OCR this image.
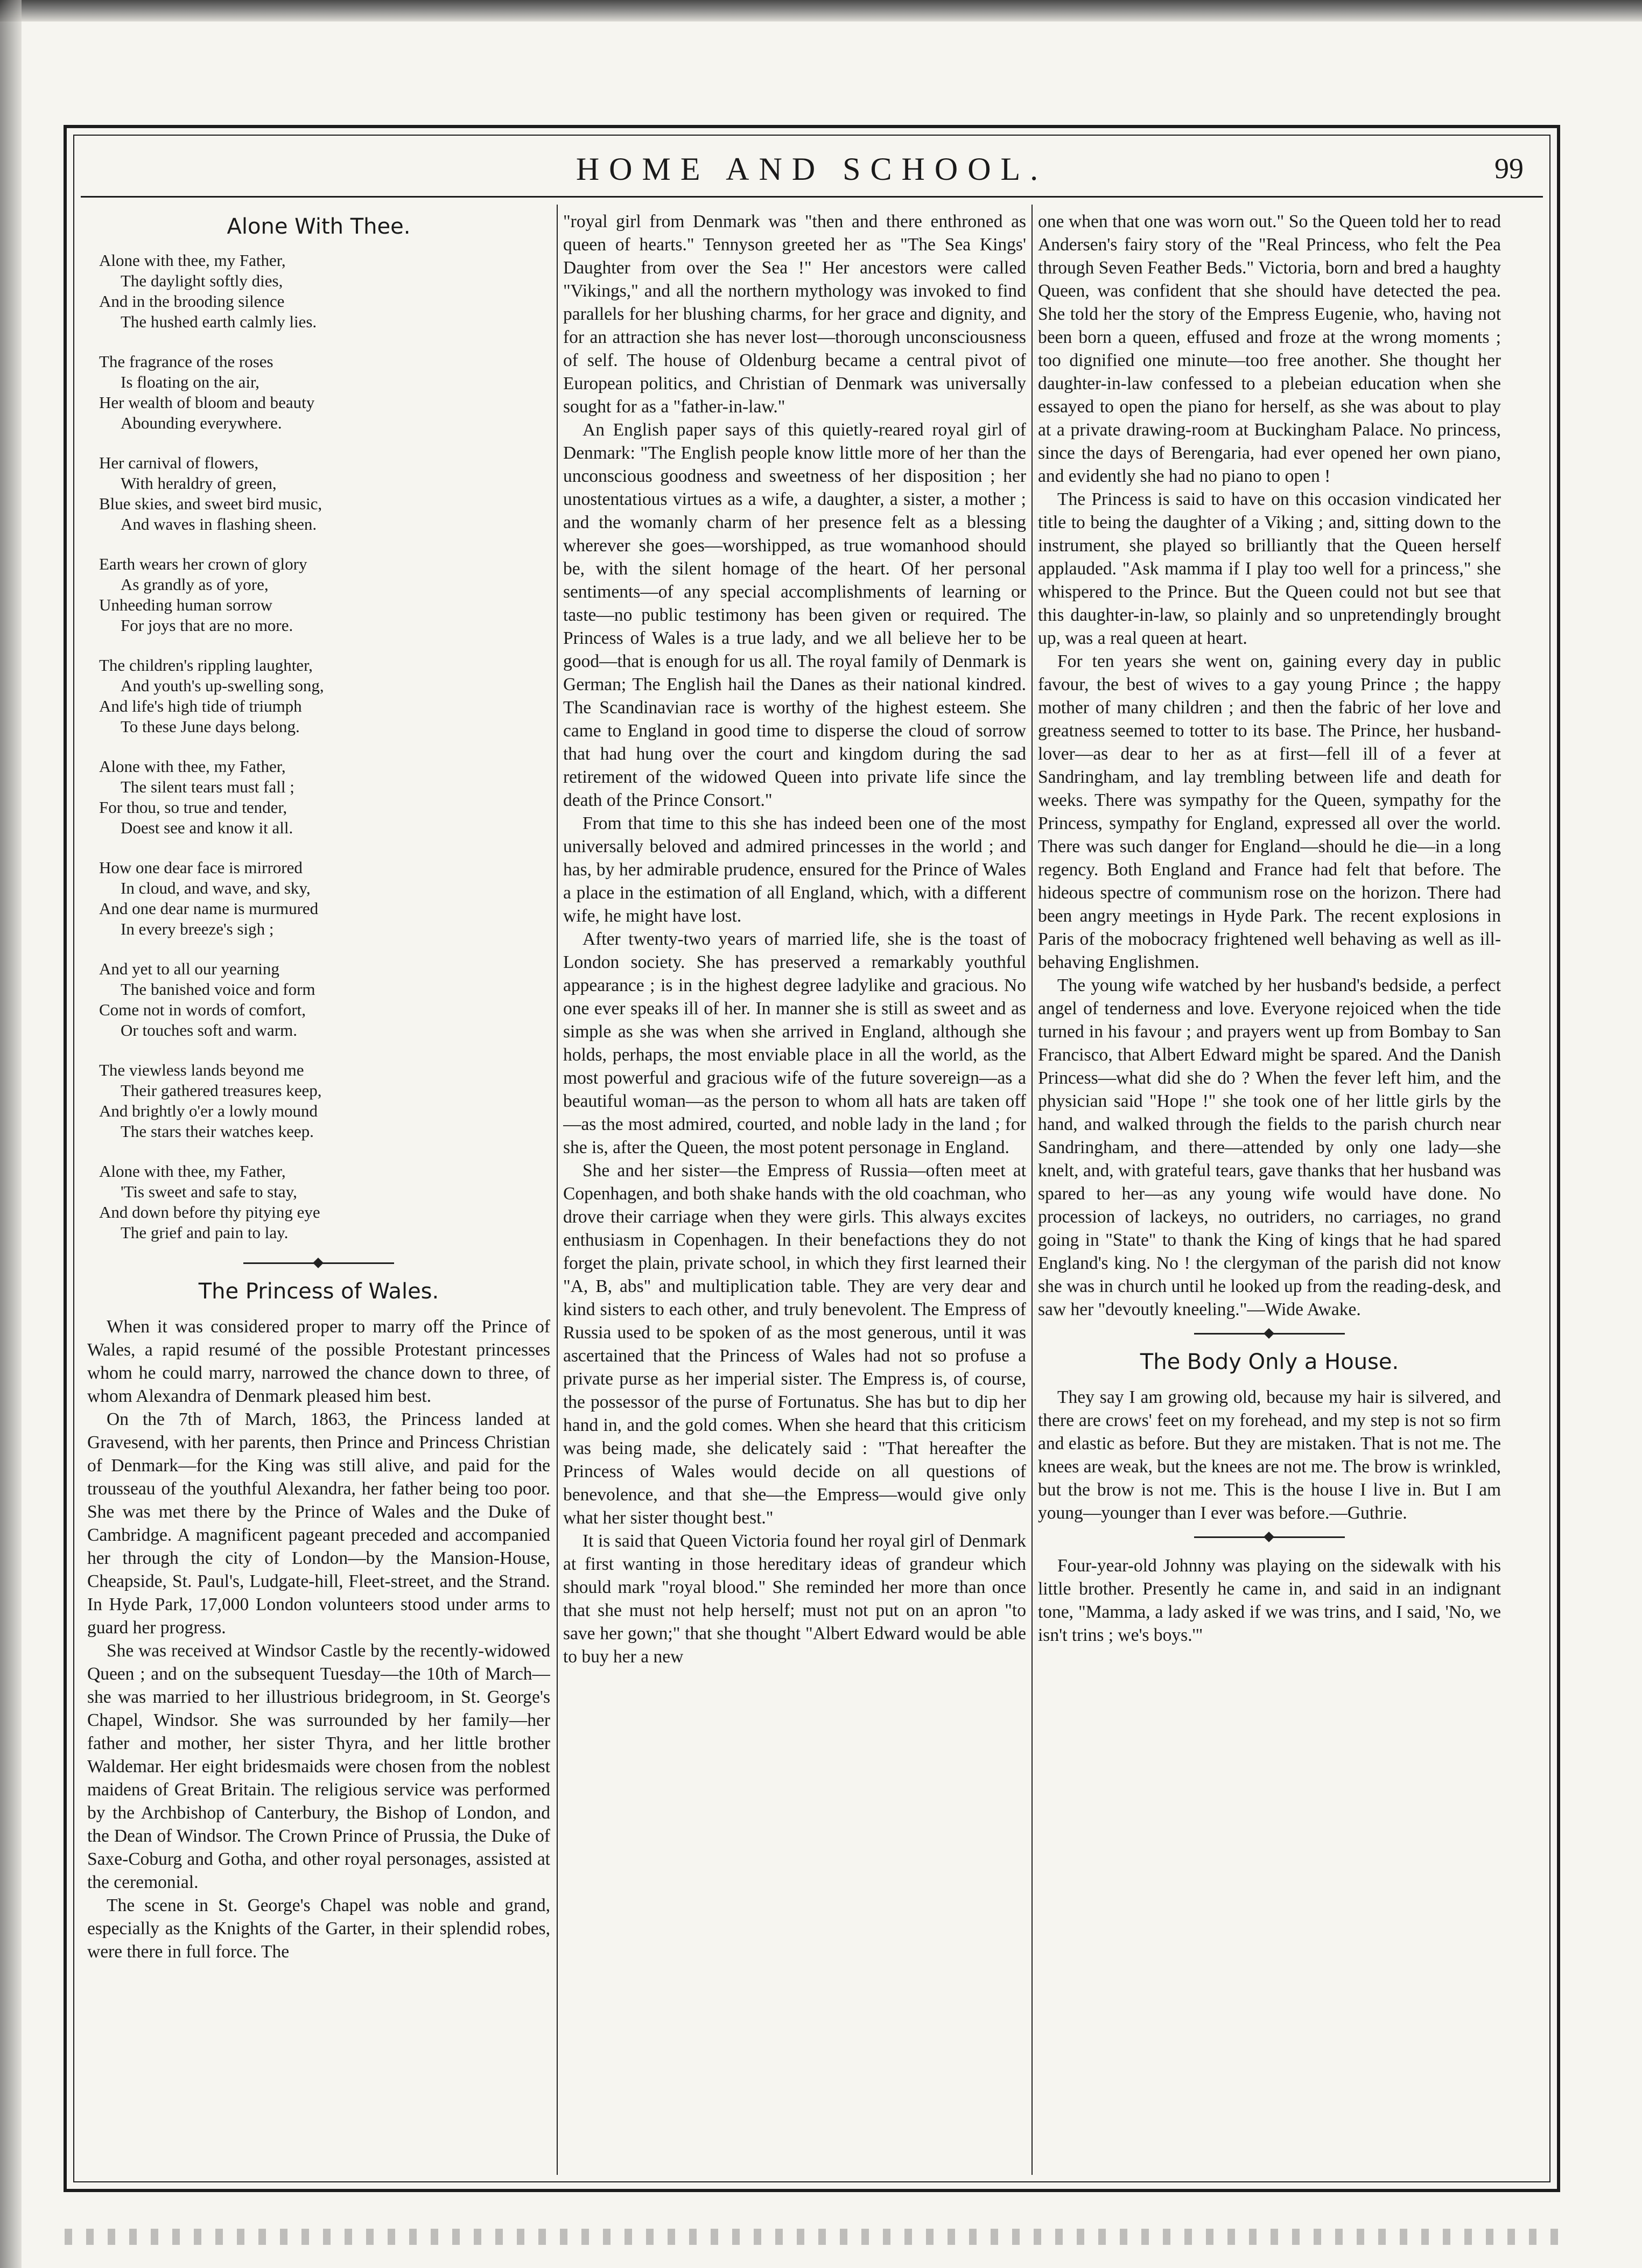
HOME AND SCHOOL.	99
Alone With Thee.
Alone with thee, my Father,
The daylight softly dies,
And in the brooding silence
The hushed earth calmly lies.
The fragrance of the roses
Is floating on the air,
Her wealth of bloom and beauty
Abounding everywhere.
Her carnival of flowers,
With heraldry of green,
Blue skies, and sweet bird music,
And waves in flashing sheen.
Earth wears her crown of glory
As grandly as of yore,
Unheeding human sorrow
For joys that are no more.
The children's rippling laughter,
And youth's up-swelling song,
And life's high tide of triumph
To these June days belong.
Alone with thee, my Father,
The silent tears must fall ;
For thou, so true and tender,
Doest see and know it all.
How one dear face is mirrored
In cloud, and wave, and sky,
And one dear name is murmured
In every breeze's sigh ;
And yet to all our yearning
The banished voice and form
Come not in words of comfort,
Or touches soft and warm.
The viewless lands beyond me
Their gathered treasures keep,
And brightly o'er a lowly mound
The stars their watches keep.
Alone with thee, my Father,
'Tis sweet and safe to stay,
And down before thy pitying eye
The grief and pain to lay.
The Princess of Wales.

When it was considered proper to marry off the Prince of Wales, a rapid resumé of the possible Protestant princesses whom he could marry, narrowed the chance down to three, of whom Alexandra of Denmark pleased him best.

On the 7th of March, 1863, the Princess landed at Gravesend, with her parents, then Prince and Princess Christian of Denmark—for the King was still alive, and paid for the trousseau of the youthful Alexandra, her father being too poor. She was met there by the Prince of Wales and the Duke of Cambridge. A magnificent pageant preceded and accompanied her through the city of London—by the Mansion-House, Cheapside, St. Paul's, Ludgate-hill, Fleet-street, and the Strand. In Hyde Park, 17,000 London volunteers stood under arms to guard her progress.

She was received at Windsor Castle by the recently-widowed Queen ; and on the subsequent Tuesday—the 10th of March—she was married to her illustrious bridegroom, in St. George's Chapel, Windsor. She was surrounded by her family—her father and mother, her sister Thyra, and her little brother Waldemar. Her eight bridesmaids were chosen from the noblest maidens of Great Britain. The religious service was performed by the Archbishop of Canterbury, the Bishop of London, and the Dean of Windsor. The Crown Prince of Prussia, the Duke of Saxe-Coburg and Gotha, and other royal personages, assisted at the ceremonial.

The scene in St. George's Chapel was noble and grand, especially as the Knights of the Garter, in their splendid robes, were there in full force. The

"royal girl from Denmark was "then and there enthroned as queen of hearts." Tennyson greeted her as "The Sea Kings' Daughter from over the Sea !" Her ancestors were called "Vikings," and all the northern mythology was invoked to find parallels for her blushing charms, for her grace and dignity, and for an attraction she has never lost—thorough unconsciousness of self. The house of Oldenburg became a central pivot of European politics, and Christian of Denmark was universally sought for as a "father-in-law."

An English paper says of this quietly-reared royal girl of Denmark: "The English people know little more of her than the unconscious goodness and sweetness of her disposition ; her unostentatious virtues as a wife, a daughter, a sister, a mother ; and the womanly charm of her presence felt as a blessing wherever she goes—worshipped, as true womanhood should be, with the silent homage of the heart. Of her personal sentiments—of any special accomplishments of learning or taste—no public testimony has been given or required. The Princess of Wales is a true lady, and we all believe her to be good—that is enough for us all. The royal family of Denmark is German; The English hail the Danes as their national kindred. The Scandinavian race is worthy of the highest esteem. She came to England in good time to disperse the cloud of sorrow that had hung over the court and kingdom during the sad retirement of the widowed Queen into private life since the death of the Prince Consort."

From that time to this she has indeed been one of the most universally beloved and admired princesses in the world ; and has, by her admirable prudence, ensured for the Prince of Wales a place in the estimation of all England, which, with a different wife, he might have lost.

After twenty-two years of married life, she is the toast of London society. She has preserved a remarkably youthful appearance ; is in the highest degree ladylike and gracious. No one ever speaks ill of her. In manner she is still as sweet and as simple as she was when she arrived in England, although she holds, perhaps, the most enviable place in all the world, as the most powerful and gracious wife of the future sovereign—as a beautiful woman—as the person to whom all hats are taken off—as the most admired, courted, and noble lady in the land ; for she is, after the Queen, the most potent personage in England.

She and her sister—the Empress of Russia—often meet at Copenhagen, and both shake hands with the old coachman, who drove their carriage when they were girls. This always excites enthusiasm in Copenhagen. In their benefactions they do not forget the plain, private school, in which they first learned their "A, B, abs" and multiplication table. They are very dear and kind sisters to each other, and truly benevolent. The Empress of Russia used to be spoken of as the most generous, until it was ascertained that the Princess of Wales had not so profuse a private purse as her imperial sister. The Empress is, of course, the possessor of the purse of Fortunatus. She has but to dip her hand in, and the gold comes. When she heard that this criticism was being made, she delicately said : "That hereafter the Princess of Wales would decide on all questions of benevolence, and that she—the Empress—would give only what her sister thought best."

It is said that Queen Victoria found her royal girl of Denmark at first wanting in those hereditary ideas of grandeur which should mark "royal blood." She reminded her more than once that she must not help herself; must not put on an apron "to save her gown;" that she thought "Albert Edward would be able to buy her a new

one when that one was worn out." So the Queen told her to read Andersen's fairy story of the "Real Princess, who felt the Pea through Seven Feather Beds." Victoria, born and bred a haughty Queen, was confident that she should have detected the pea. She told her the story of the Empress Eugenie, who, having not been born a queen, effused and froze at the wrong moments ; too dignified one minute—too free another. She thought her daughter-in-law confessed to a plebeian education when she essayed to open the piano for herself, as she was about to play at a private drawing-room at Buckingham Palace. No princess, since the days of Berengaria, had ever opened her own piano, and evidently she had no piano to open !

The Princess is said to have on this occasion vindicated her title to being the daughter of a Viking ; and, sitting down to the instrument, she played so brilliantly that the Queen herself applauded. "Ask mamma if I play too well for a princess," she whispered to the Prince. But the Queen could not but see that this daughter-in-law, so plainly and so unpretendingly brought up, was a real queen at heart.

For ten years she went on, gaining every day in public favour, the best of wives to a gay young Prince ; the happy mother of many children ; and then the fabric of her love and greatness seemed to totter to its base. The Prince, her husband-lover—as dear to her as at first—fell ill of a fever at Sandringham, and lay trembling between life and death for weeks. There was sympathy for the Queen, sympathy for the Princess, sympathy for England, expressed all over the world. There was such danger for England—should he die—in a long regency. Both England and France had felt that before. The hideous spectre of communism rose on the horizon. There had been angry meetings in Hyde Park. The recent explosions in Paris of the mobocracy frightened well behaving as well as ill-behaving Englishmen.

The young wife watched by her husband's bedside, a perfect angel of tenderness and love. Everyone rejoiced when the tide turned in his favour ; and prayers went up from Bombay to San Francisco, that Albert Edward might be spared. And the Danish Princess—what did she do ? When the fever left him, and the physician said "Hope !" she took one of her little girls by the hand, and walked through the fields to the parish church near Sandringham, and there—attended by only one lady—she knelt, and, with grateful tears, gave thanks that her husband was spared to her—as any young wife would have done. No procession of lackeys, no outriders, no carriages, no grand going in "State" to thank the King of kings that he had spared England's king. No ! the clergyman of the parish did not know she was in church until he looked up from the reading-desk, and saw her "devoutly kneeling."—Wide Awake.

The Body Only a House.

They say I am growing old, because my hair is silvered, and there are crows' feet on my forehead, and my step is not so firm and elastic as before. But they are mistaken. That is not me. The knees are weak, but the knees are not me. The brow is wrinkled, but the brow is not me. This is the house I live in. But I am young—younger than I ever was before.—Guthrie.

Four-year-old Johnny was playing on the sidewalk with his little brother. Presently he came in, and said in an indignant tone, "Mamma, a lady asked if we was trins, and I said, 'No, we isn't trins ; we's boys.'"
